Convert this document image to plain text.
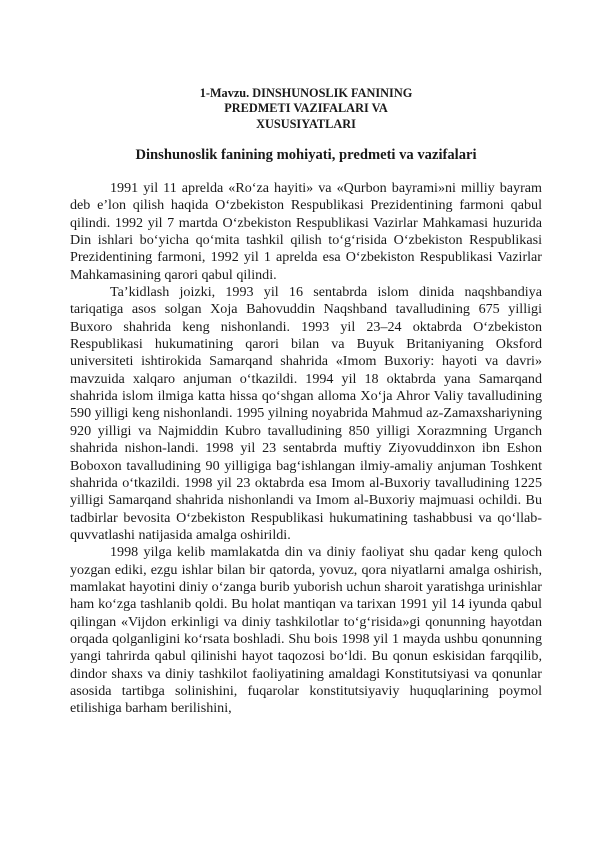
1-Mavzu. DINSHUNOSLIK FANINING
PREDMETI VAZIFALARI VA
XUSUSIYATLARI
Dinshunoslik fanining mohiyati, predmeti va vazifalari

1991 yil 11 aprelda «Ro‘za hayiti» va «Qurbon bayrami»ni milliy bayram deb e’lon qilish haqida O‘zbekiston Respublikasi Prezidentining farmoni qabul qilindi. 1992 yil 7 martda O‘zbekiston Respublikasi Vazirlar Mahkamasi huzurida Din ishlari bo‘yicha qo‘mita tashkil qilish to‘g‘risida O‘zbekiston Respublikasi Prezidentining farmoni, 1992 yil 1 aprelda esa O‘zbekiston Respublikasi Vazirlar Mahkamasining qarori qabul qilindi.

Ta’kidlash joizki, 1993 yil 16 sentabrda islom dinida naqshbandiya tariqatiga asos solgan Xoja Bahovuddin Naqshband tavalludining 675 yilligi Buxoro shahrida keng nishonlandi. 1993 yil 23–24 oktabrda O‘zbekiston Respublikasi hukumatining qarori bilan va Buyuk Britaniyaning Oksford universiteti ishtirokida Samarqand shahrida «Imom Buxoriy: hayoti va davri» mavzuida xalqaro anjuman o‘tkazildi. 1994 yil 18 oktabrda yana Samarqand shahrida islom ilmiga katta hissa qo‘shgan alloma Xo‘ja Ahror Valiy tavalludining 590 yilligi keng nishonlandi. 1995 yilning noyabrida Mahmud az-Zamaxshariyning 920 yilligi va Najmiddin Kubro tavalludining 850 yilligi Xorazmning Urganch shahrida nishon-landi. 1998 yil 23 sentabrda muftiy Ziyovuddinxon ibn Eshon Boboxon tavalludining 90 yilligiga bag‘ishlangan ilmiy-amaliy anjuman Toshkent shahrida o‘tkazildi. 1998 yil 23 oktabrda esa Imom al-Buxoriy tavalludining 1225 yilligi Samarqand shahrida nishonlandi va Imom al-Buxoriy majmuasi ochildi. Bu tadbirlar bevosita O‘zbekiston Respublikasi hukumatining tashabbusi va qo‘llab-quvvatlashi natijasida amalga oshirildi.

1998 yilga kelib mamlakatda din va diniy faoliyat shu qadar keng quloch yozgan ediki, ezgu ishlar bilan bir qatorda, yovuz, qora niyatlarni amalga oshirish, mamlakat hayotini diniy o‘zanga burib yuborish uchun sharoit yaratishga urinishlar ham ko‘zga tashlanib qoldi. Bu holat mantiqan va tarixan 1991 yil 14 iyunda qabul qilingan «Vijdon erkinligi va diniy tashkilotlar to‘g‘risida»gi qonunning hayotdan orqada qolganligini ko‘rsata boshladi. Shu bois 1998 yil 1 mayda ushbu qonunning yangi tahrirda qabul qilinishi hayot taqozosi bo‘ldi. Bu qonun eskisidan farqqilib, dindor shaxs va diniy tashkilot faoliyatining amaldagi Konstitutsiyasi va qonunlar asosida tartibga solinishini, fuqarolar konstitutsiyaviy huquqlarining poymol etilishiga barham berilishini,
